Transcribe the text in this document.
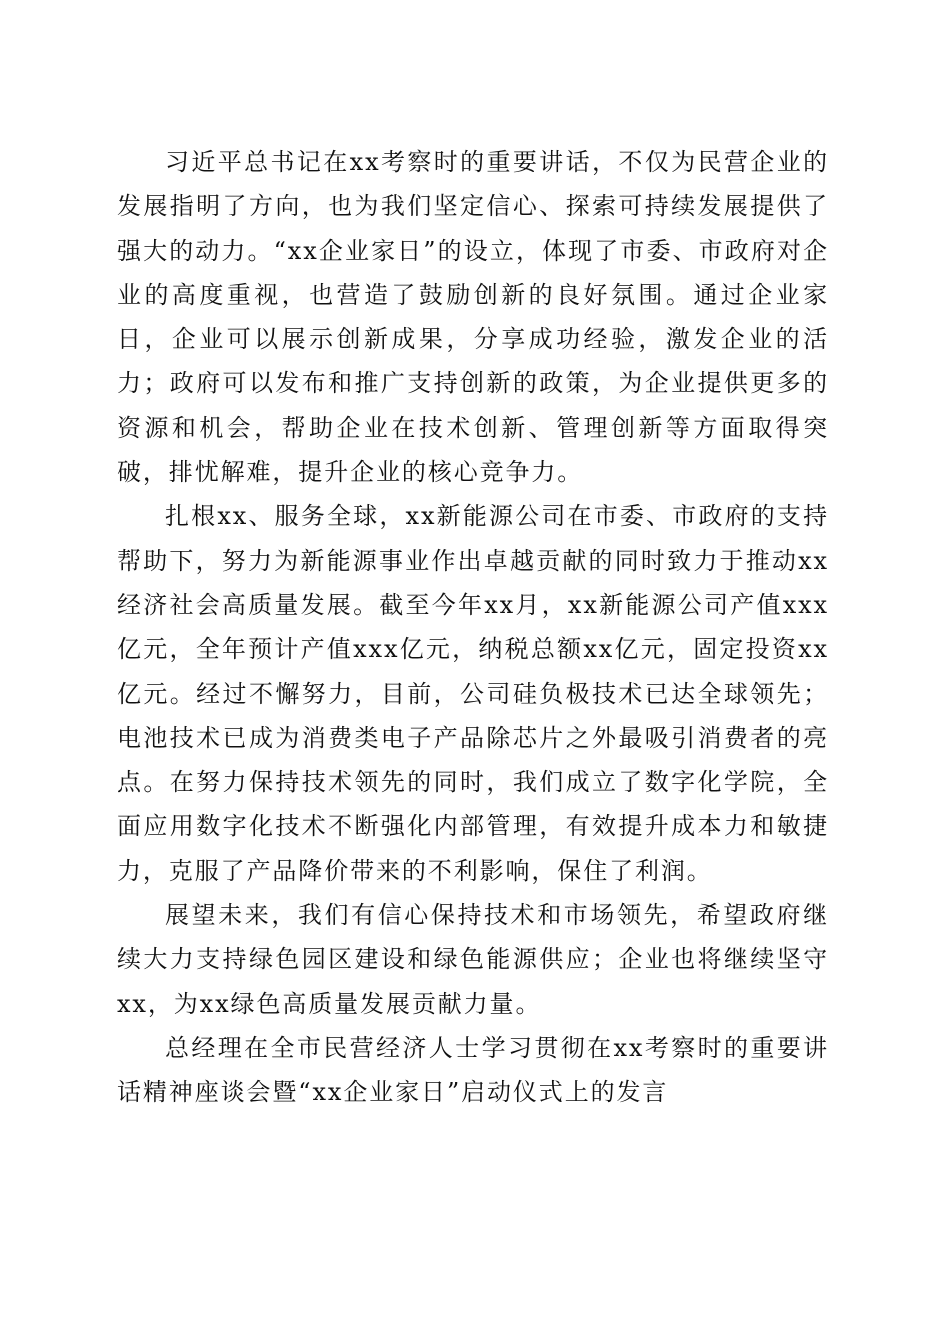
习近平总书记在xx考察时的重要讲话，不仅为民营企业的发展指明了方向，也为我们坚定信心、探索可持续发展提供了强大的动力。“xx企业家日”的设立，体现了市委、市政府对企业的高度重视，也营造了鼓励创新的良好氛围。通过企业家日，企业可以展示创新成果，分享成功经验，激发企业的活力；政府可以发布和推广支持创新的政策，为企业提供更多的资源和机会，帮助企业在技术创新、管理创新等方面取得突破，排忧解难，提升企业的核心竞争力。

扎根xx、服务全球，xx新能源公司在市委、市政府的支持帮助下，努力为新能源事业作出卓越贡献的同时致力于推动xx经济社会高质量发展。截至今年xx月，xx新能源公司产值xxx亿元，全年预计产值xxx亿元，纳税总额xx亿元，固定投资xx亿元。经过不懈努力，目前，公司硅负极技术已达全球领先；电池技术已成为消费类电子产品除芯片之外最吸引消费者的亮点。在努力保持技术领先的同时，我们成立了数字化学院，全面应用数字化技术不断强化内部管理，有效提升成本力和敏捷力，克服了产品降价带来的不利影响，保住了利润。

展望未来，我们有信心保持技术和市场领先，希望政府继续大力支持绿色园区建设和绿色能源供应；企业也将继续坚守xx，为xx绿色高质量发展贡献力量。

总经理在全市民营经济人士学习贯彻在xx考察时的重要讲话精神座谈会暨“xx企业家日”启动仪式上的发言
